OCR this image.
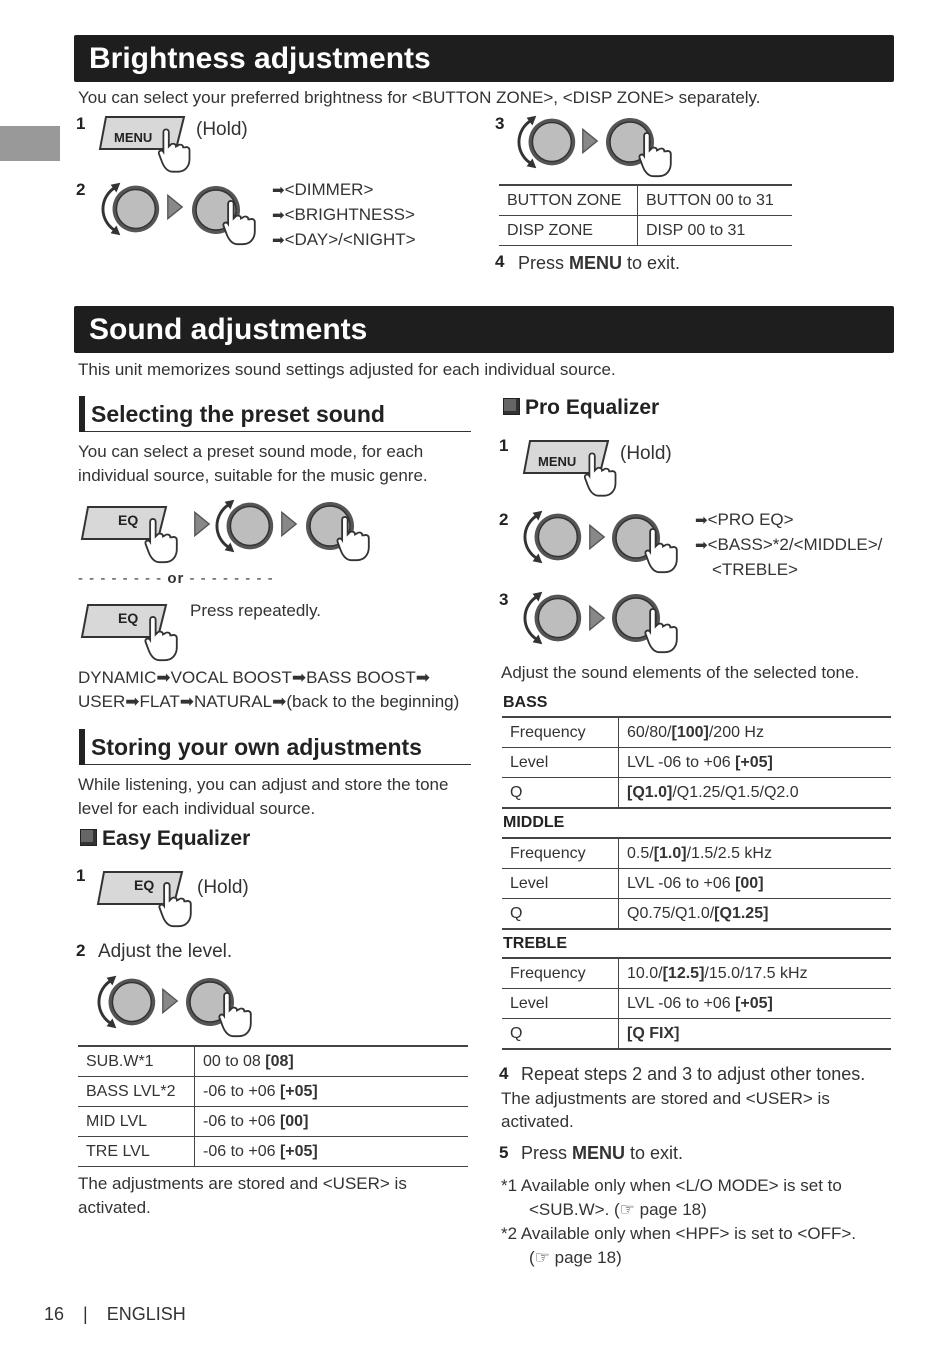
Brightness adjustments
You can select your preferred brightness for <BUTTON ZONE>, <DISP ZONE> separately.
1
MENU (Hold)
2	➡<DIMMER>
➡<BRIGHTNESS>
➡<DAY>/<NIGHT>
3
BUTTON ZONE	BUTTON 00 to 31
DISP ZONE	DISP 00 to 31
4 Press MENU to exit.
Sound adjustments
This unit memorizes sound settings adjusted for each individual source.
Selecting the preset sound
You can select a preset sound mode, for each
individual source, suitable for the music genre.
EQ
- - - - - - - - or - - - - - - - -
EQ	Press repeatedly.
DYNAMIC➡VOCAL BOOST➡BASS BOOST➡
USER➡FLAT➡NATURAL➡(back to the beginning)
Storing your own adjustments
While listening, you can adjust and store the tone
level for each individual source.
Easy Equalizer
1	EQ (Hold)
2 Adjust the level.
SUB.W*1	00 to 08 [08]
BASS LVL*2	-06 to +06 [+05]
MID LVL	-06 to +06 [00]
TRE LVL	-06 to +06 [+05]
The adjustments are stored and <USER> is
activated.
Pro Equalizer
1
MENU (Hold)
2	➡<PRO EQ>
➡<BASS>*2/<MIDDLE>/
<TREBLE>
3
Adjust the sound elements of the selected tone.
BASS
Frequency	60/80/[100]/200 Hz
Level	LVL -06 to +06 [+05]
Q	[Q1.0]/Q1.25/Q1.5/Q2.0
MIDDLE
Frequency	0.5/[1.0]/1.5/2.5 kHz
Level	LVL -06 to +06 [00]
Q	Q0.75/Q1.0/[Q1.25]
TREBLE
Frequency	10.0/[12.5]/15.0/17.5 kHz
Level	LVL -06 to +06 [+05]
Q	[Q FIX]
4 Repeat steps 2 and 3 to adjust other tones.
The adjustments are stored and <USER> is
activated.
5 Press MENU to exit.
*1 Available only when <L/O MODE> is set to
<SUB.W>. (☞ page 18)
*2 Available only when <HPF> is set to <OFF>.
(☞ page 18)
16 | ENGLISH
